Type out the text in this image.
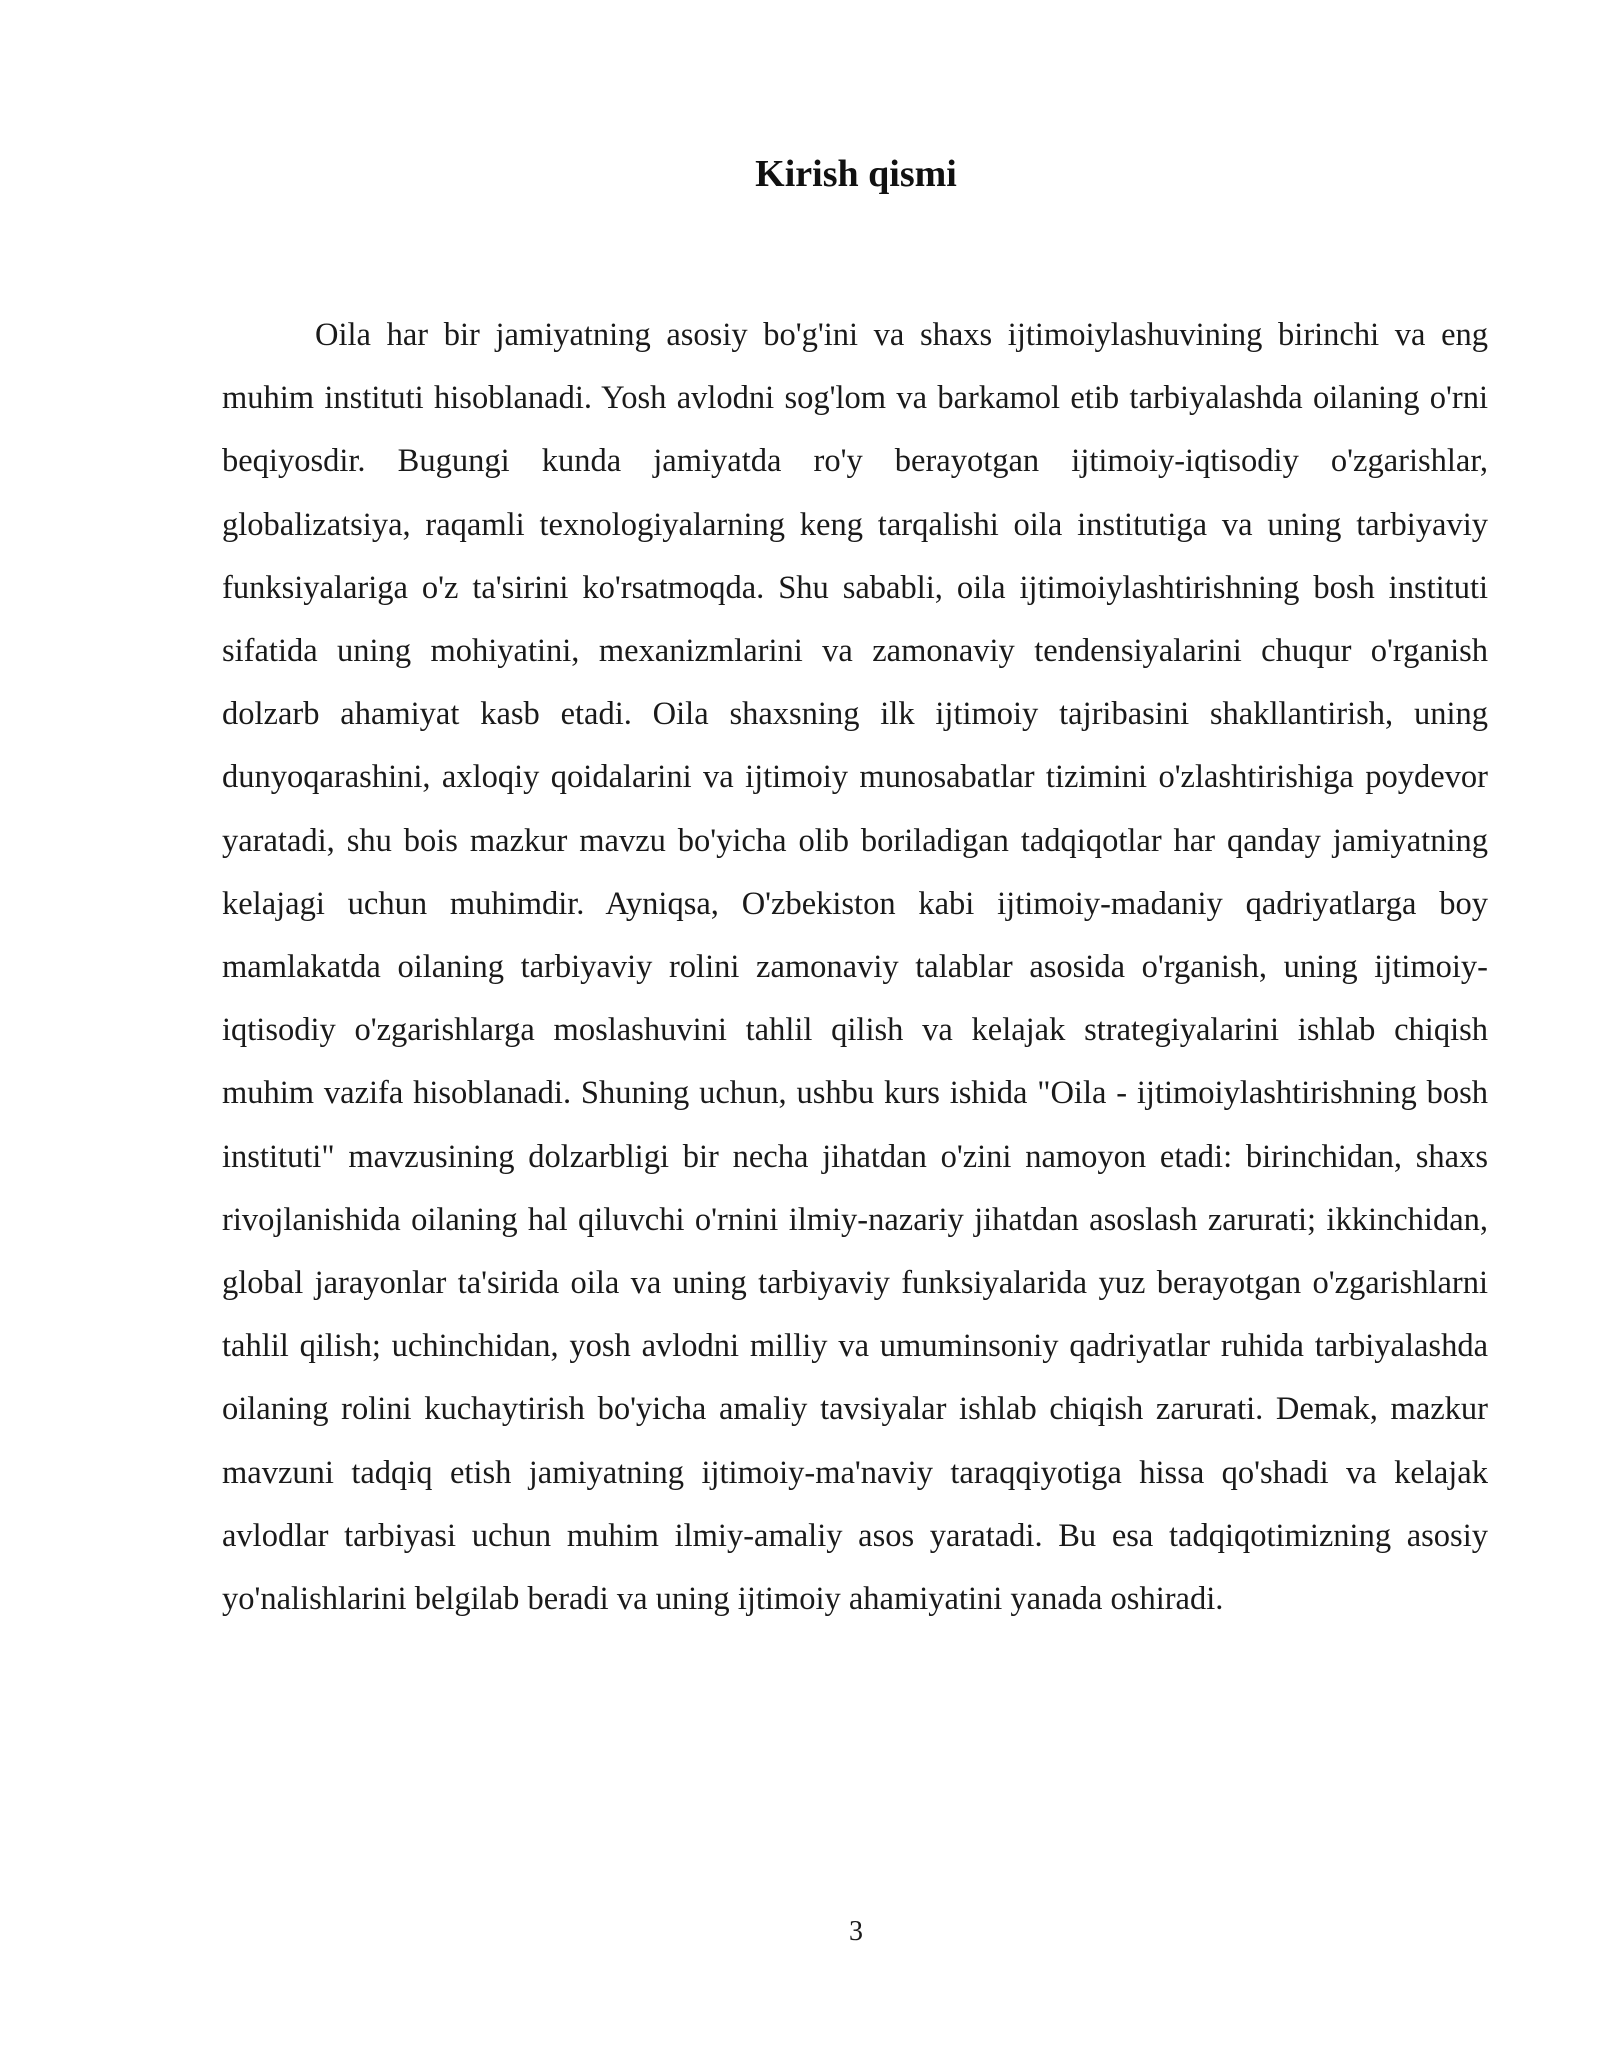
Kirish qismi

Oila har bir jamiyatning asosiy bo'g'ini va shaxs ijtimoiylashuvining birinchi va eng muhim instituti hisoblanadi. Yosh avlodni sog'lom va barkamol etib tarbiyalashda oilaning o'rni beqiyosdir. Bugungi kunda jamiyatda ro'y berayotgan ijtimoiy-iqtisodiy o'zgarishlar, globalizatsiya, raqamli texnologiyalarning keng tarqalishi oila institutiga va uning tarbiyaviy funksiyalariga o'z ta'sirini ko'rsatmoqda. Shu sababli, oila ijtimoiylashtirishning bosh instituti sifatida uning mohiyatini, mexanizmlarini va zamonaviy tendensiyalarini chuqur o'rganish dolzarb ahamiyat kasb etadi. Oila shaxsning ilk ijtimoiy tajribasini shakllantirish, uning dunyoqarashini, axloqiy qoidalarini va ijtimoiy munosabatlar tizimini o'zlashtirishiga poydevor yaratadi, shu bois mazkur mavzu bo'yicha olib boriladigan tadqiqotlar har qanday jamiyatning kelajagi uchun muhimdir. Ayniqsa, O'zbekiston kabi ijtimoiy-madaniy qadriyatlarga boy mamlakatda oilaning tarbiyaviy rolini zamonaviy talablar asosida o'rganish, uning ijtimoiy-iqtisodiy o'zgarishlarga moslashuvini tahlil qilish va kelajak strategiyalarini ishlab chiqish muhim vazifa hisoblanadi. Shuning uchun, ushbu kurs ishida "Oila - ijtimoiylashtirishning bosh instituti" mavzusining dolzarbligi bir necha jihatdan o'zini namoyon etadi: birinchidan, shaxs rivojlanishida oilaning hal qiluvchi o'rnini ilmiy-nazariy jihatdan asoslash zarurati; ikkinchidan, global jarayonlar ta'sirida oila va uning tarbiyaviy funksiyalarida yuz berayotgan o'zgarishlarni tahlil qilish; uchinchidan, yosh avlodni milliy va umuminsoniy qadriyatlar ruhida tarbiyalashda oilaning rolini kuchaytirish bo'yicha amaliy tavsiyalar ishlab chiqish zarurati. Demak, mazkur mavzuni tadqiq etish jamiyatning ijtimoiy-ma'naviy taraqqiyotiga hissa qo'shadi va kelajak avlodlar tarbiyasi uchun muhim ilmiy-amaliy asos yaratadi. Bu esa tadqiqotimizning asosiy yo'nalishlarini belgilab beradi va uning ijtimoiy ahamiyatini yanada oshiradi.

3
